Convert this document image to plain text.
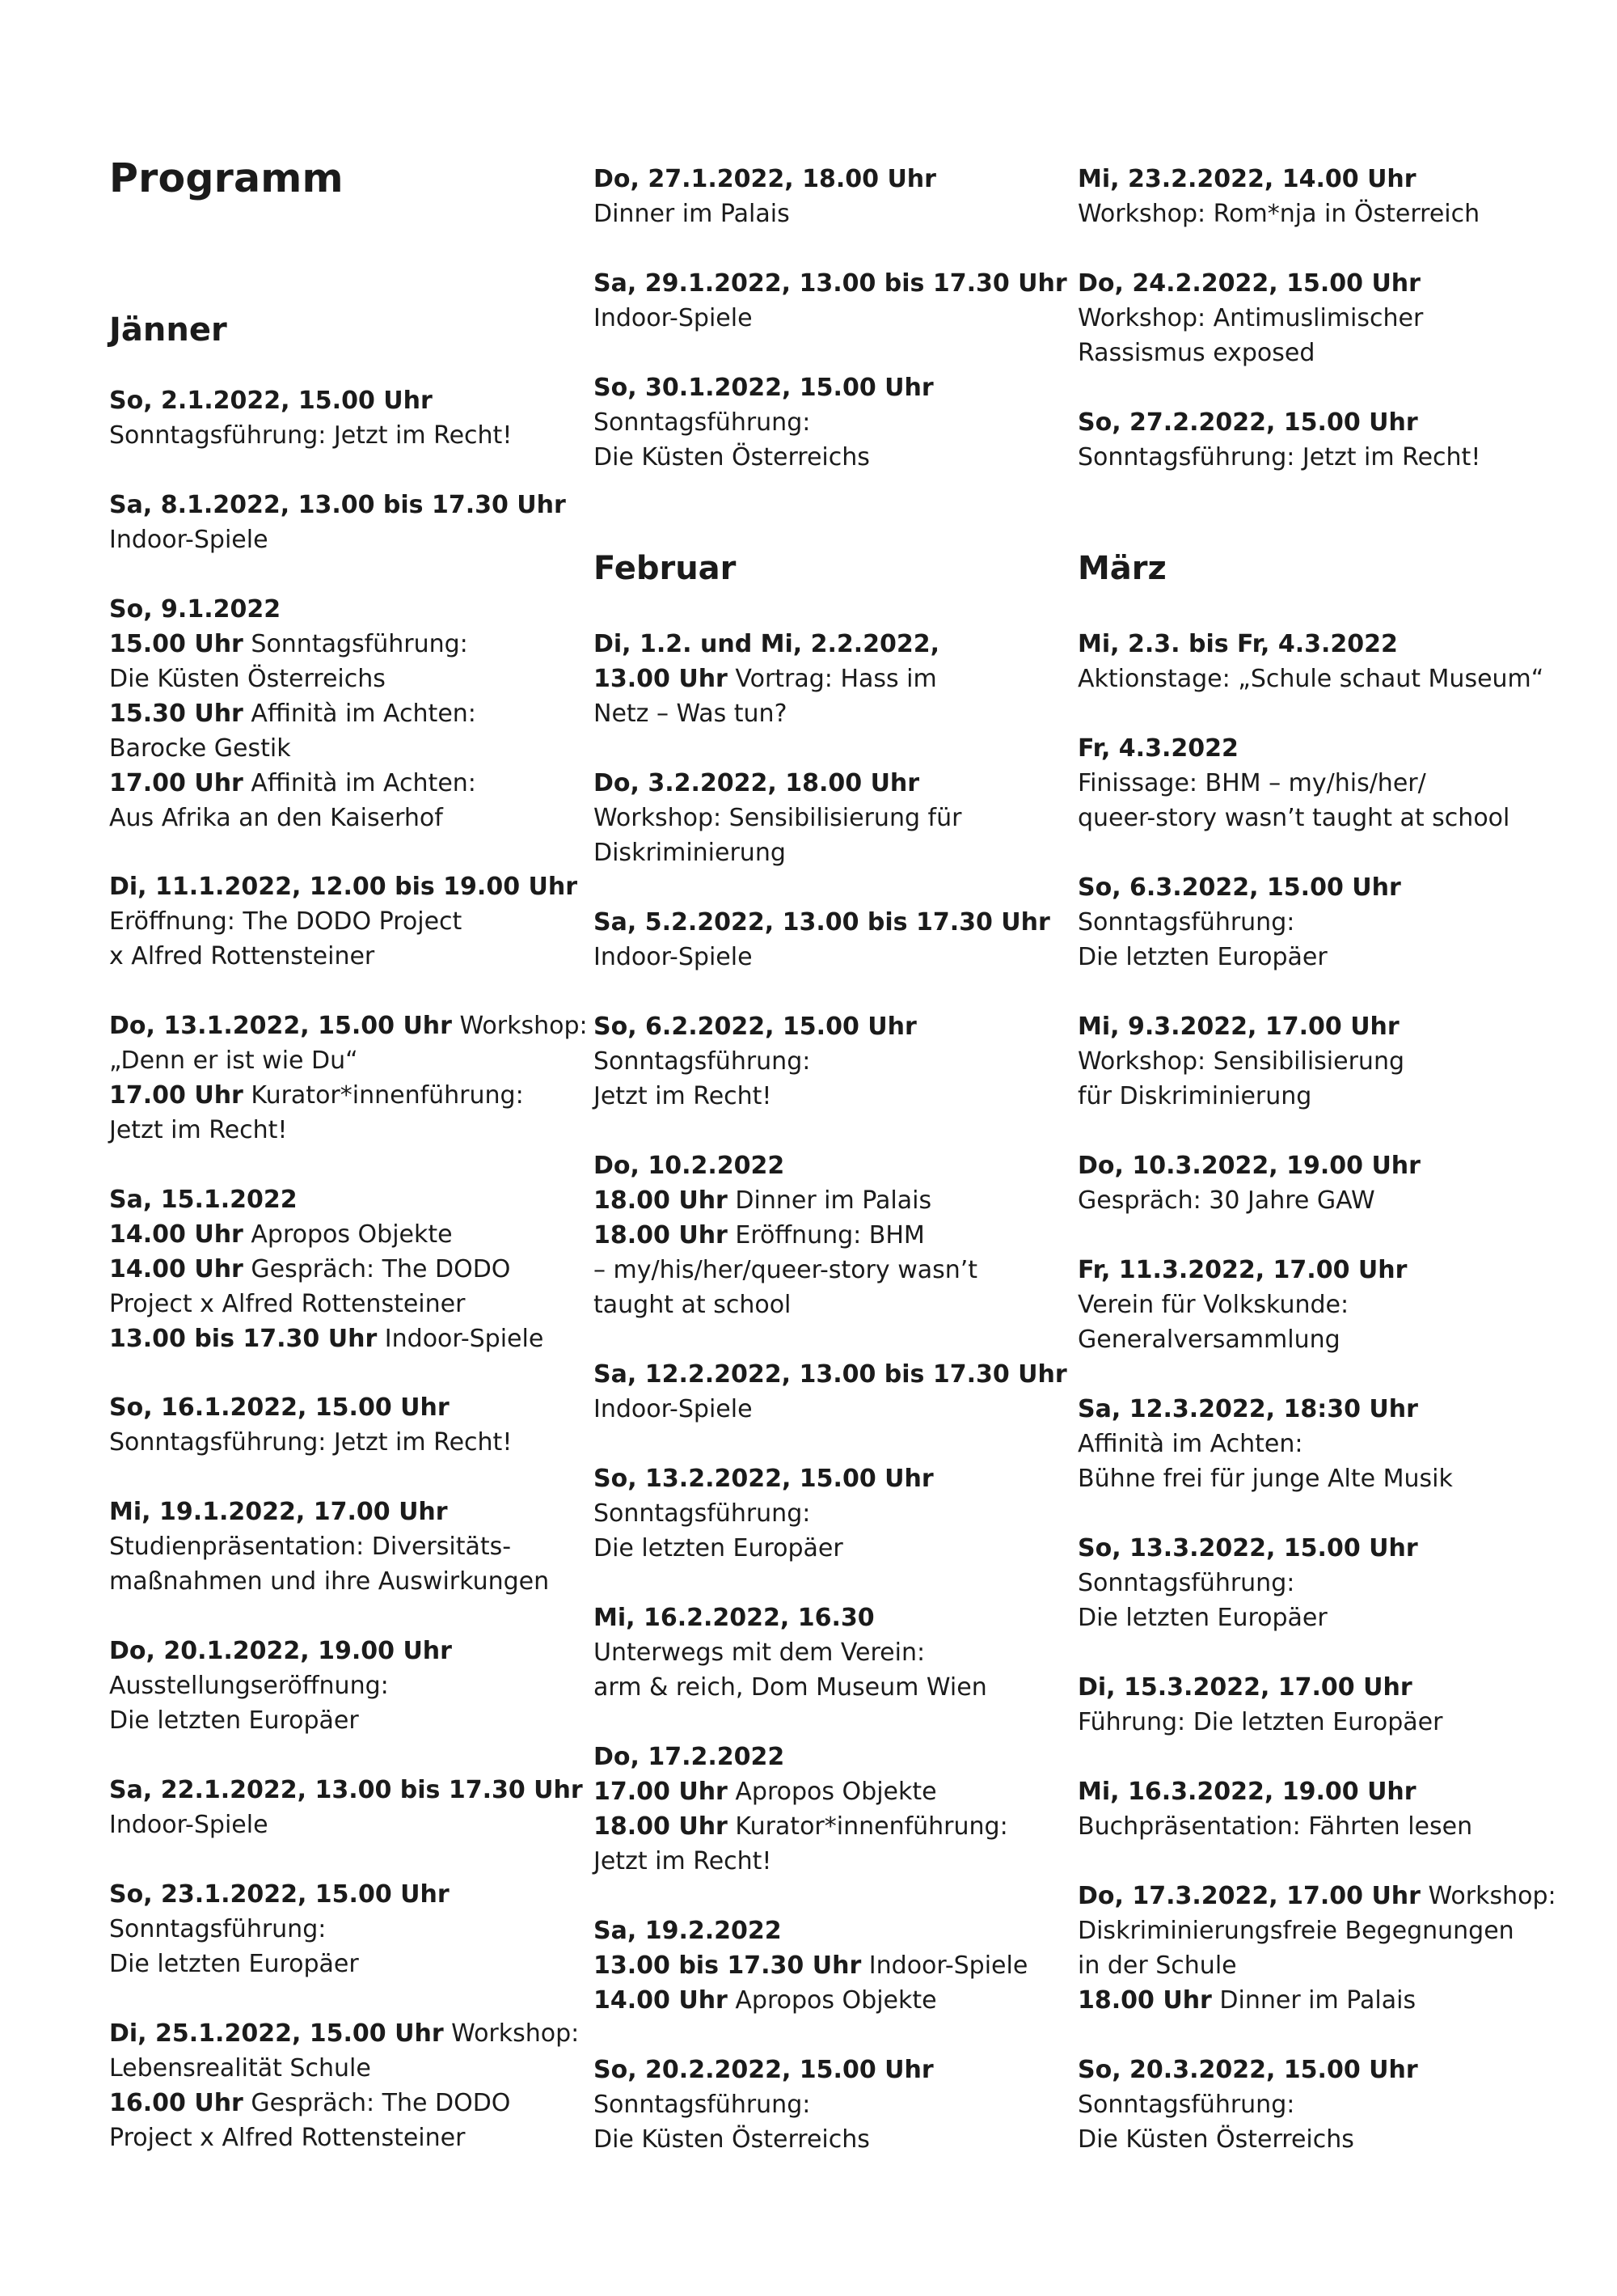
Programm
Jänner
So, 2.1.2022, 15.00 Uhr
Sonntagsführung: Jetzt im Recht!
Sa, 8.1.2022, 13.00 bis 17.30 Uhr
Indoor-Spiele
So, 9.1.2022
15.00 Uhr Sonntagsführung:
Die Küsten Österreichs
15.30 Uhr Affinità im Achten:
Barocke Gestik
17.00 Uhr Affinità im Achten:
Aus Afrika an den Kaiserhof
Di, 11.1.2022, 12.00 bis 19.00 Uhr
Eröffnung: The DODO Project
x Alfred Rottensteiner
Do, 13.1.2022, 15.00 Uhr Workshop:
„Denn er ist wie Du“
17.00 Uhr Kurator*innenführung:
Jetzt im Recht!
Sa, 15.1.2022
14.00 Uhr Apropos Objekte
14.00 Uhr Gespräch: The DODO
Project x Alfred Rottensteiner
13.00 bis 17.30 Uhr Indoor-Spiele
So, 16.1.2022, 15.00 Uhr
Sonntagsführung: Jetzt im Recht!
Mi, 19.1.2022, 17.00 Uhr
Studienpräsentation: Diversitäts-
maßnahmen und ihre Auswirkungen
Do, 20.1.2022, 19.00 Uhr
Ausstellungseröffnung:
Die letzten Europäer
Sa, 22.1.2022, 13.00 bis 17.30 Uhr
Indoor-Spiele
So, 23.1.2022, 15.00 Uhr
Sonntagsführung:
Die letzten Europäer
Di, 25.1.2022, 15.00 Uhr Workshop:
Lebensrealität Schule
16.00 Uhr Gespräch: The DODO
Project x Alfred Rottensteiner
Do, 27.1.2022, 18.00 Uhr
Dinner im Palais
Sa, 29.1.2022, 13.00 bis 17.30 Uhr
Indoor-Spiele
So, 30.1.2022, 15.00 Uhr
Sonntagsführung:
Die Küsten Österreichs
Februar
Di, 1.2. und Mi, 2.2.2022,
13.00 Uhr Vortrag: Hass im
Netz – Was tun?
Do, 3.2.2022, 18.00 Uhr
Workshop: Sensibilisierung für
Diskriminierung
Sa, 5.2.2022, 13.00 bis 17.30 Uhr
Indoor-Spiele
So, 6.2.2022, 15.00 Uhr
Sonntagsführung:
Jetzt im Recht!
Do, 10.2.2022
18.00 Uhr Dinner im Palais
18.00 Uhr Eröffnung: BHM
– my/his/her/queer-story wasn’t
taught at school
Sa, 12.2.2022, 13.00 bis 17.30 Uhr
Indoor-Spiele
So, 13.2.2022, 15.00 Uhr
Sonntagsführung:
Die letzten Europäer
Mi, 16.2.2022, 16.30
Unterwegs mit dem Verein:
arm & reich, Dom Museum Wien
Do, 17.2.2022
17.00 Uhr Apropos Objekte
18.00 Uhr Kurator*innenführung:
Jetzt im Recht!
Sa, 19.2.2022
13.00 bis 17.30 Uhr Indoor-Spiele
14.00 Uhr Apropos Objekte
So, 20.2.2022, 15.00 Uhr
Sonntagsführung:
Die Küsten Österreichs
Mi, 23.2.2022, 14.00 Uhr
Workshop: Rom*nja in Österreich
Do, 24.2.2022, 15.00 Uhr
Workshop: Antimuslimischer
Rassismus exposed
So, 27.2.2022, 15.00 Uhr
Sonntagsführung: Jetzt im Recht!
März
Mi, 2.3. bis Fr, 4.3.2022
Aktionstage: „Schule schaut Museum“
Fr, 4.3.2022
Finissage: BHM – my/his/her/
queer-story wasn’t taught at school
So, 6.3.2022, 15.00 Uhr
Sonntagsführung:
Die letzten Europäer
Mi, 9.3.2022, 17.00 Uhr
Workshop: Sensibilisierung
für Diskriminierung
Do, 10.3.2022, 19.00 Uhr
Gespräch: 30 Jahre GAW
Fr, 11.3.2022, 17.00 Uhr
Verein für Volkskunde:
Generalversammlung
Sa, 12.3.2022, 18:30 Uhr
Affinità im Achten:
Bühne frei für junge Alte Musik
So, 13.3.2022, 15.00 Uhr
Sonntagsführung:
Die letzten Europäer
Di, 15.3.2022, 17.00 Uhr
Führung: Die letzten Europäer
Mi, 16.3.2022, 19.00 Uhr
Buchpräsentation: Fährten lesen
Do, 17.3.2022, 17.00 Uhr Workshop:
Diskriminierungsfreie Begegnungen
in der Schule
18.00 Uhr Dinner im Palais
So, 20.3.2022, 15.00 Uhr
Sonntagsführung:
Die Küsten Österreichs
